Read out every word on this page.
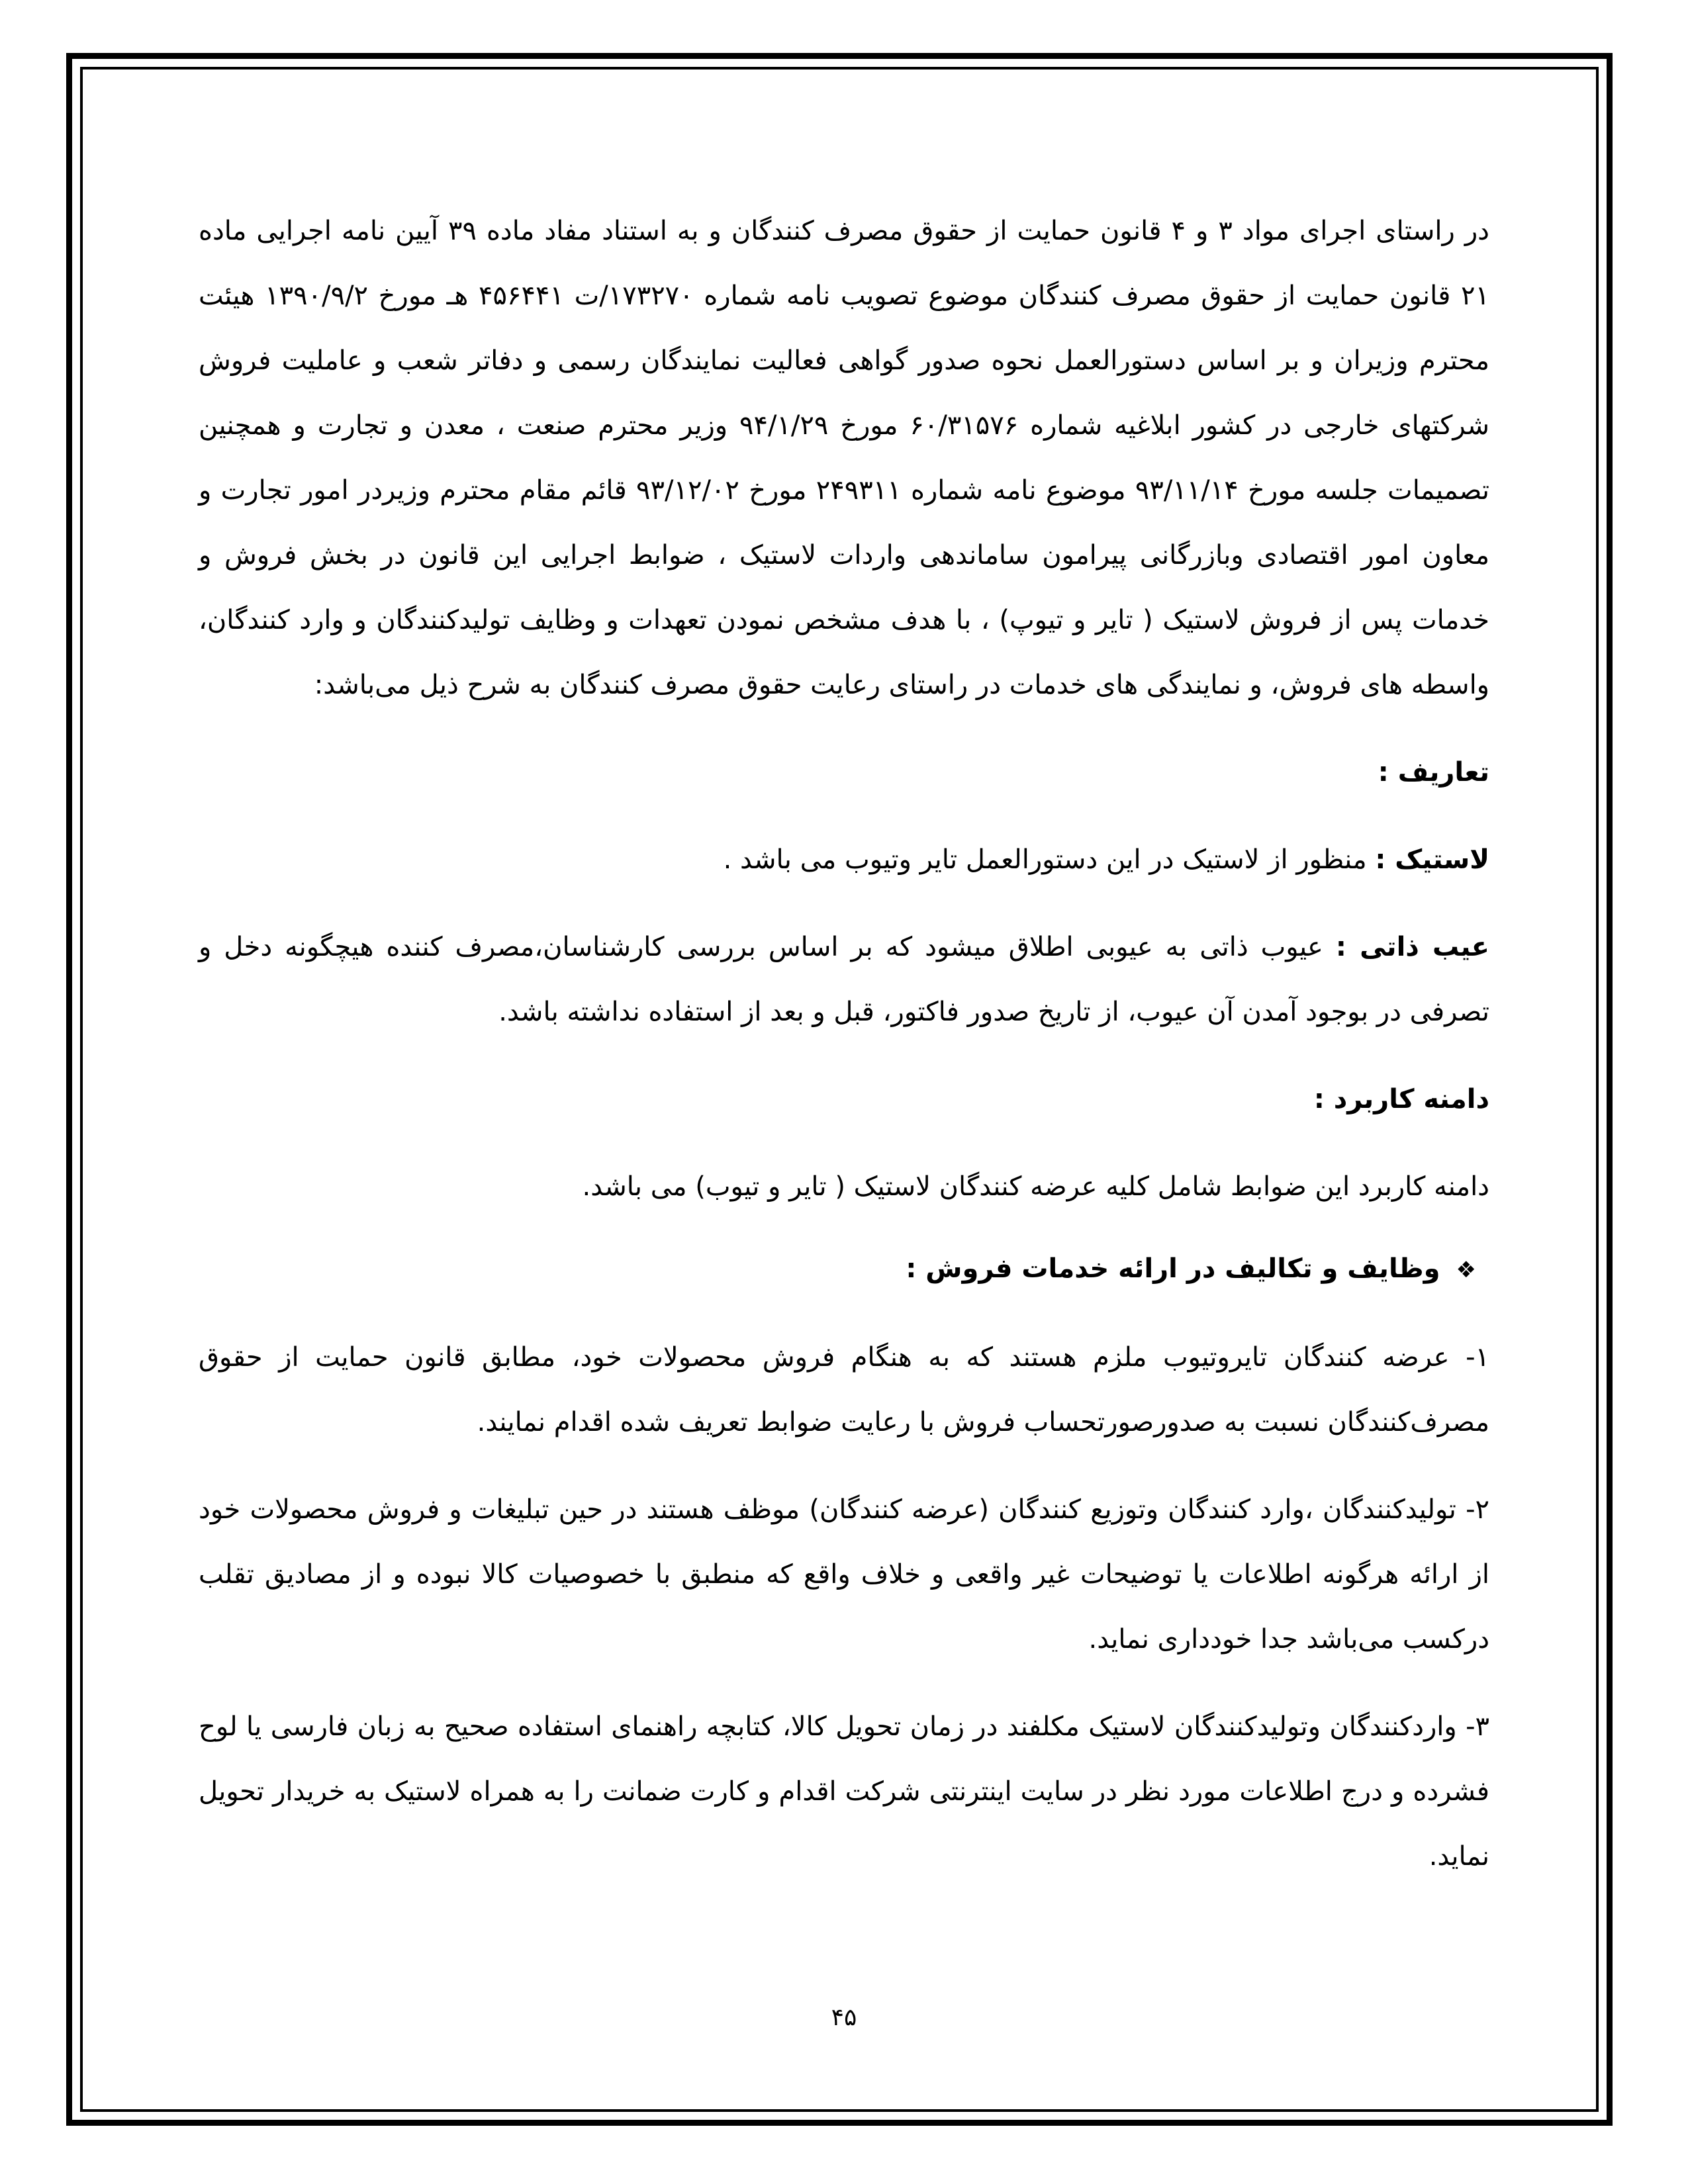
در راستای اجرای مواد ۳ و ۴ قانون حمایت از حقوق مصرف کنندگان و به استناد مفاد ماده ۳۹ آیین نامه اجرایی ماده ۲۱ قانون حمایت از حقوق مصرف کنندگان موضوع تصویب نامه شماره ۱۷۳۲۷۰/ت ۴۵۶۴۴۱ هـ مورخ ۱۳۹۰/۹/۲ هیئت محترم وزیران و بر اساس دستورالعمل نحوه صدور گواهی فعالیت نمایندگان رسمی و دفاتر شعب و عاملیت فروش شرکتهای خارجی در کشور ابلاغیه شماره ۶۰/۳۱۵۷۶ مورخ ۹۴/۱/۲۹ وزیر محترم صنعت ، معدن و تجارت و همچنین تصمیمات جلسه مورخ ۹۳/۱۱/۱۴ موضوع نامه شماره ۲۴۹۳۱۱ مورخ ۹۳/۱۲/۰۲ قائم مقام محترم وزیردر امور تجارت و معاون امور اقتصادی وبازرگانی پیرامون ساماندهی واردات لاستیک ، ضوابط اجرایی این قانون در بخش فروش و خدمات پس از فروش لاستیک ( تایر و تیوپ) ، با هدف مشخص نمودن تعهدات و وظایف تولیدکنندگان و وارد کنندگان، واسطه های فروش، و نمایندگی های خدمات در راستای رعایت حقوق مصرف کنندگان به شرح ذیل می‌باشد:

تعاریف :

لاستیک : منظور از لاستیک در این دستورالعمل تایر وتیوب می باشد .

عیب ذاتی : عیوب ذاتی به عیوبی اطلاق میشود که بر اساس بررسی کارشناسان،مصرف کننده هیچگونه دخل و تصرفی در بوجود آمدن آن عیوب، از تاریخ صدور فاکتور، قبل و بعد از استفاده نداشته باشد.

دامنه کاربرد :

دامنه کاربرد این ضوابط شامل کلیه عرضه کنندگان لاستیک ( تایر و تیوب) می باشد.

❖وظایف و تکالیف در ارائه خدمات فروش :

۱- عرضه کنندگان تایروتیوب ملزم هستند که به هنگام فروش محصولات خود، مطابق قانون حمایت از حقوق مصرف‌کنندگان نسبت به صدورصورتحساب فروش با رعایت ضوابط تعریف شده اقدام نمایند.

۲- تولیدکنندگان ،وارد کنندگان وتوزیع کنندگان (عرضه کنندگان) موظف هستند در حین تبلیغات و فروش محصولات خود از ارائه هرگونه اطلاعات یا توضیحات غیر واقعی و خلاف واقع که منطبق با خصوصیات کالا نبوده و از مصادیق تقلب درکسب می‌باشد جدا خودداری نماید.

۳- واردکنندگان وتولیدکنندگان لاستیک مکلفند در زمان تحویل کالا، کتابچه راهنمای استفاده صحیح به زبان فارسی یا لوح فشرده و درج اطلاعات مورد نظر در سایت اینترنتی شرکت اقدام و کارت ضمانت را به همراه لاستیک به خریدار تحویل نماید.

۴۵
